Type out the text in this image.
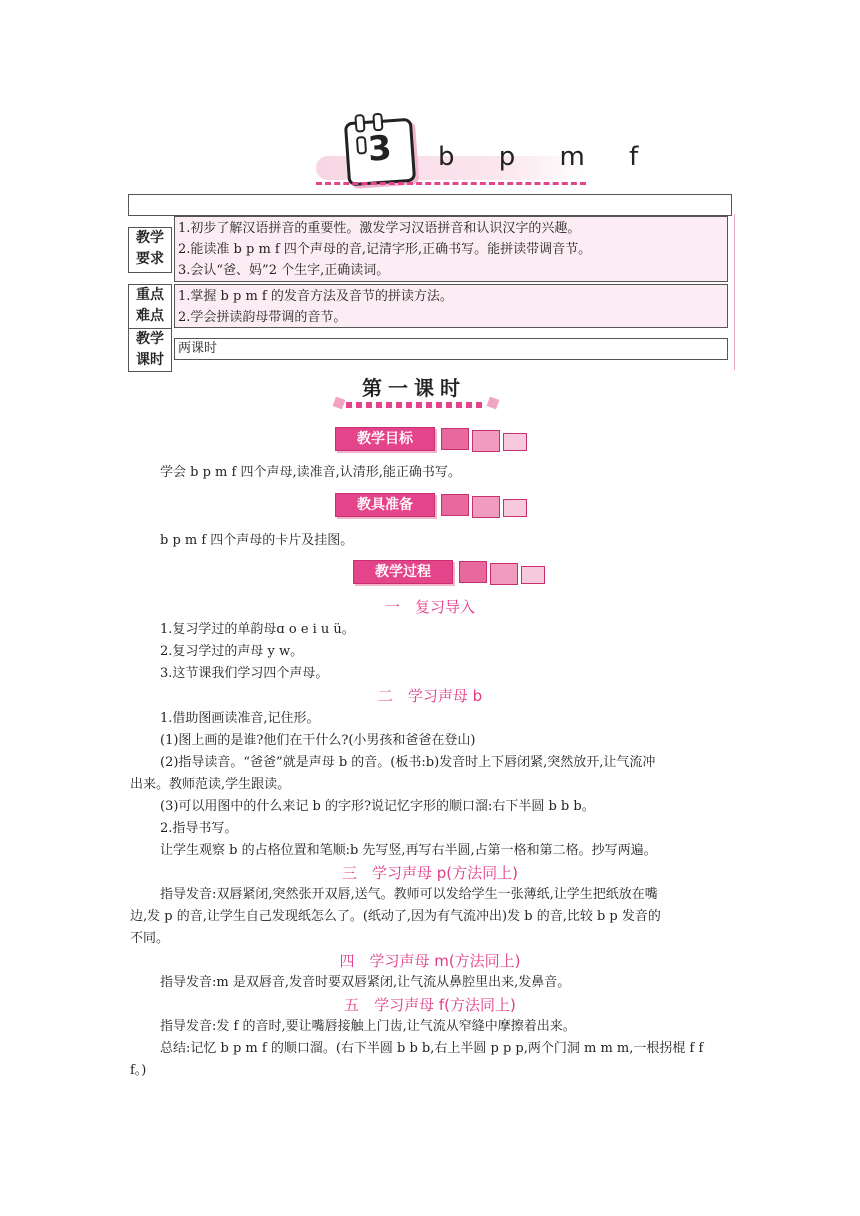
3	b p m f
教学
要求
1.初步了解汉语拼音的重要性。激发学习汉语拼音和认识汉字的兴趣。
2.能读准 b p m f 四个声母的音,记清字形,正确书写。能拼读带调音节。
3.会认“爸、妈”2 个生字,正确读词。
重点
难点
1.掌握 b p m f 的发音方法及音节的拼读方法。
2.学会拼读韵母带调的音节。
教学
课时
两课时
第一课时
教学目标
学会 b p m f 四个声母,读准音,认清形,能正确书写。
教具准备
b p m f 四个声母的卡片及挂图。
教学过程
一　复习导入
1.复习学过的单韵母ɑ o e i u ü。
2.复习学过的声母 y w。
3.这节课我们学习四个声母。
二　学习声母 b
1.借助图画读准音,记住形。
(1)图上画的是谁?他们在干什么?(小男孩和爸爸在登山)
(2)指导读音。“爸爸”就是声母 b 的音。(板书:b)发音时上下唇闭紧,突然放开,让气流冲
出来。教师范读,学生跟读。
(3)可以用图中的什么来记 b 的字形?说记忆字形的顺口溜:右下半圆 b b b。
2.指导书写。
让学生观察 b 的占格位置和笔顺:b 先写竖,再写右半圆,占第一格和第二格。抄写两遍。
三　学习声母 p(方法同上)
指导发音:双唇紧闭,突然张开双唇,送气。教师可以发给学生一张薄纸,让学生把纸放在嘴
边,发 p 的音,让学生自己发现纸怎么了。(纸动了,因为有气流冲出)发 b 的音,比较 b p 发音的
不同。
四　学习声母 m(方法同上)
指导发音:m 是双唇音,发音时要双唇紧闭,让气流从鼻腔里出来,发鼻音。
五　学习声母 f(方法同上)
指导发音:发 f 的音时,要让嘴唇接触上门齿,让气流从窄缝中摩擦着出来。
总结:记忆 b p m f 的顺口溜。(右下半圆 b b b,右上半圆 p p p,两个门洞 m m m,一根拐棍 f f
f。)
